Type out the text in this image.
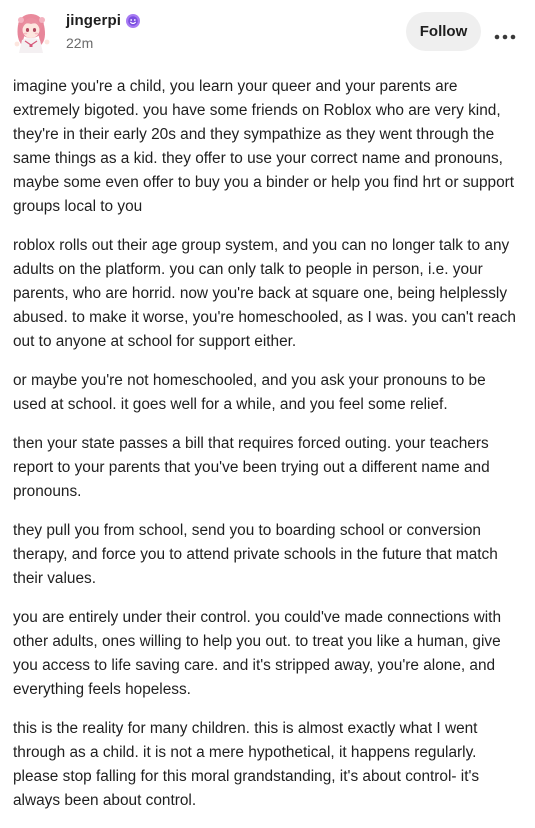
jingerpi
22m
Follow

imagine you're a child, you learn your queer and your parents are extremely bigoted. you have some friends on Roblox who are very kind, they're in their early 20s and they sympathize as they went through the same things as a kid. they offer to use your correct name and pronouns, maybe some even offer to buy you a binder or help you find hrt or support groups local to you

roblox rolls out their age group system, and you can no longer talk to any adults on the platform. you can only talk to people in person, i.e. your parents, who are horrid. now you're back at square one, being helplessly abused. to make it worse, you're homeschooled, as I was. you can't reach out to anyone at school for support either.

or maybe you're not homeschooled, and you ask your pronouns to be used at school. it goes well for a while, and you feel some relief.

then your state passes a bill that requires forced outing. your teachers report to your parents that you've been trying out a different name and pronouns.

they pull you from school, send you to boarding school or conversion therapy, and force you to attend private schools in the future that match their values.

you are entirely under their control. you could've made connections with other adults, ones willing to help you out. to treat you like a human, give you access to life saving care. and it's stripped away, you're alone, and everything feels hopeless.

this is the reality for many children. this is almost exactly what I went through as a child. it is not a mere hypothetical, it happens regularly. please stop falling for this moral grandstanding, it's about control- it's always been about control.
